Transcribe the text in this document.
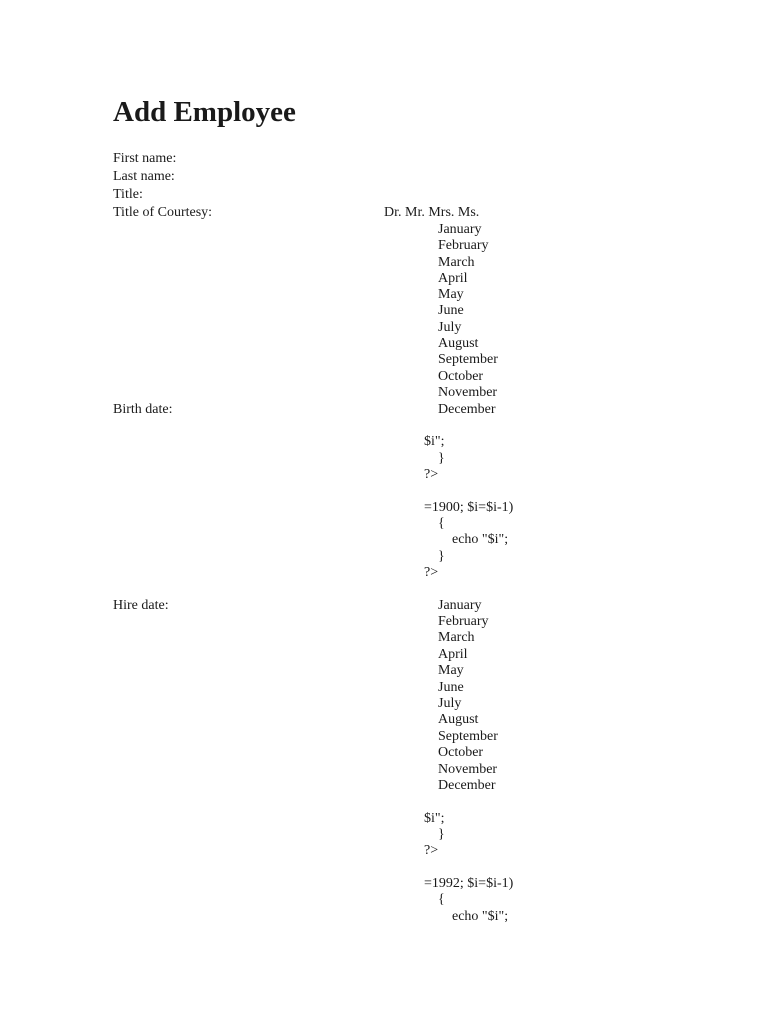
Add Employee
First name:
Last name:
Title:
Title of Courtesy:	Dr. Mr. Mrs. Ms.
January
February
March
April
May
June
July
August
September
October
November
Birth date:	December
$i";
}
?>
=1900; $i=$i-1)
{
echo "$i";
}
?>
Hire date:	January
February
March
April
May
June
July
August
September
October
November
December
$i";
}
?>
=1992; $i=$i-1)
{
echo "$i";
